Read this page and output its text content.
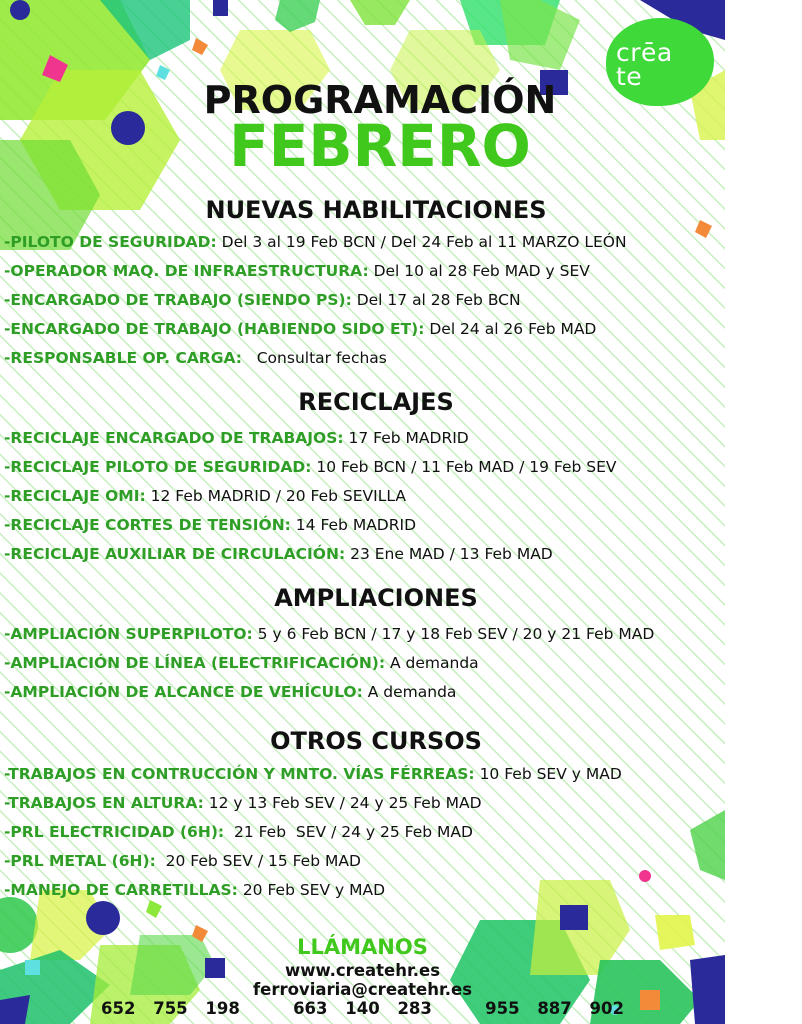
crēa
te
PROGRAMACIÓN
FEBRERO
NUEVAS HABILITACIONES
-PILOTO DE SEGURIDAD: Del 3 al 19 Feb BCN / Del 24 Feb al 11 MARZO LEÓN
-OPERADOR MAQ. DE INFRAESTRUCTURA: Del 10 al 28 Feb MAD y SEV
-ENCARGADO DE TRABAJO (SIENDO PS): Del 17 al 28 Feb BCN
-ENCARGADO DE TRABAJO (HABIENDO SIDO ET): Del 24 al 26 Feb MAD
-RESPONSABLE OP. CARGA:   Consultar fechas
RECICLAJES
-RECICLAJE ENCARGADO DE TRABAJOS: 17 Feb MADRID
-RECICLAJE PILOTO DE SEGURIDAD: 10 Feb BCN / 11 Feb MAD / 19 Feb SEV
-RECICLAJE OMI: 12 Feb MADRID / 20 Feb SEVILLA
-RECICLAJE CORTES DE TENSIÓN: 14 Feb MADRID
-RECICLAJE AUXILIAR DE CIRCULACIÓN: 23 Ene MAD / 13 Feb MAD
AMPLIACIONES
-AMPLIACIÓN SUPERPILOTO: 5 y 6 Feb BCN / 17 y 18 Feb SEV / 20 y 21 Feb MAD
-AMPLIACIÓN DE LÍNEA (ELECTRIFICACIÓN): A demanda
-AMPLIACIÓN DE ALCANCE DE VEHÍCULO: A demanda
OTROS CURSOS
-TRABAJOS EN CONTRUCCIÓN Y MNTO. VÍAS FÉRREAS: 10 Feb SEV y MAD
-TRABAJOS EN ALTURA: 12 y 13 Feb SEV / 24 y 25 Feb MAD
-PRL ELECTRICIDAD (6H):  21 Feb  SEV / 24 y 25 Feb MAD
-PRL METAL (6H):  20 Feb SEV / 15 Feb MAD
-MANEJO DE CARRETILLAS: 20 Feb SEV y MAD
LLÁMANOS
www.createhr.es
ferroviaria@createhr.es
652 755 198   663 140 283   955 887 902
